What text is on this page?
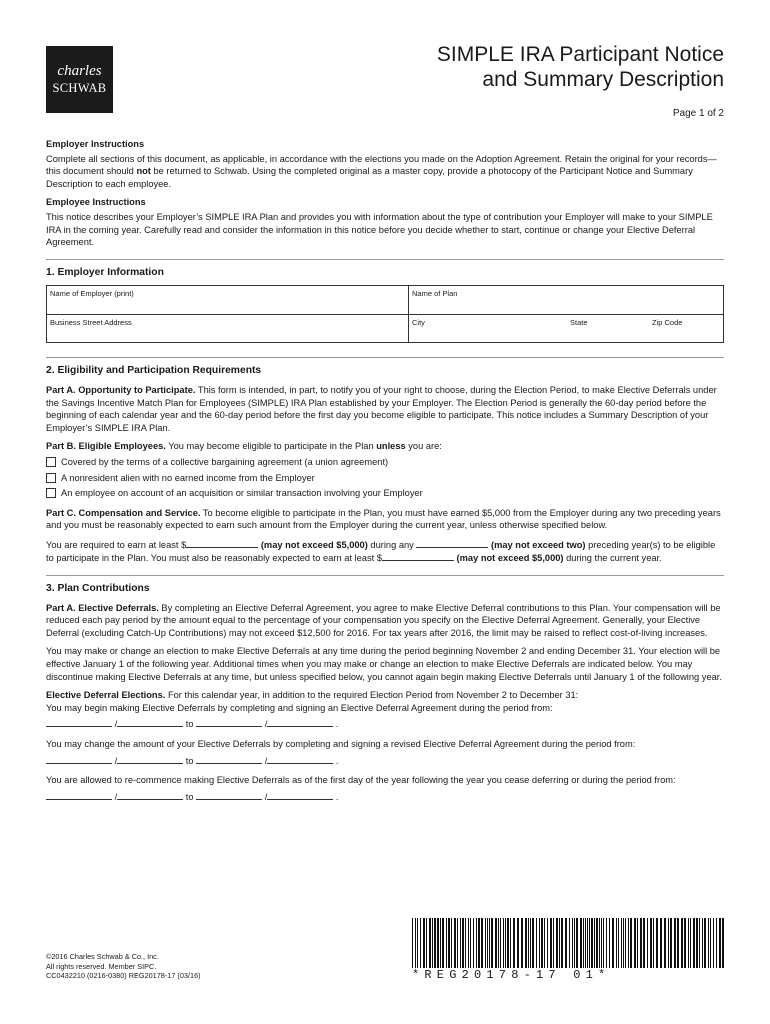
charles
SCHWAB
SIMPLE IRA Participant Notice
and Summary Description
Page 1 of 2
Employer Instructions

Complete all sections of this document, as applicable, in accordance with the elections you made on the Adoption Agreement. Retain the original for your records—this document should not be returned to Schwab. Using the completed original as a master copy, provide a photocopy of the Participant Notice and Summary Description to each employee.

Employee Instructions

This notice describes your Employer’s SIMPLE IRA Plan and provides you with information about the type of contribution your Employer will make to your SIMPLE IRA in the coming year. Carefully read and consider the information in this notice before you decide whether to start, continue or change your Elective Deferral Agreement.

1. Employer Information
Name of Employer (print)	Name of Plan
Business Street Address	City	State	Zip Code
2. Eligibility and Participation Requirements

Part A. Opportunity to Participate. This form is intended, in part, to notify you of your right to choose, during the Election Period, to make Elective Deferrals under the Savings Incentive Match Plan for Employees (SIMPLE) IRA Plan established by your Employer. The Election Period is generally the 60-day period before the beginning of each calendar year and the 60-day period before the first day you become eligible to participate. This notice includes a Summary Description of your Employer’s SIMPLE IRA Plan.

Part B. Eligible Employees. You may become eligible to participate in the Plan unless you are:

Covered by the terms of a collective bargaining agreement (a union agreement)
A nonresident alien with no earned income from the Employer
An employee on account of an acquisition or similar transaction involving your Employer

Part C. Compensation and Service. To become eligible to participate in the Plan, you must have earned $5,000 from the Employer during any two preceding years and you must be reasonably expected to earn such amount from the Employer during the current year, unless otherwise specified below.

You are required to earn at least $	(may not exceed $5,000) during any	(may not exceed two) preceding year(s) to be eligible to participate in the Plan. You must also be reasonably expected to earn at least $	(may not exceed $5,000) during the current year.

3. Plan Contributions

Part A. Elective Deferrals. By completing an Elective Deferral Agreement, you agree to make Elective Deferral contributions to this Plan. Your compensation will be reduced each pay period by the amount equal to the percentage of your compensation you specify on the Elective Deferral Agreement. Generally, your Elective Deferral (excluding Catch-Up Contributions) may not exceed $12,500 for 2016. For tax years after 2016, the limit may be raised to reflect cost-of-living increases.

You may make or change an election to make Elective Deferrals at any time during the period beginning November 2 and ending December 31. Your election will be effective January 1 of the following year. Additional times when you may make or change an election to make Elective Deferrals are indicated below. You may discontinue making Elective Deferrals at any time, but unless specified below, you cannot again begin making Elective Deferrals until January 1 of the following year.

Elective Deferral Elections. For this calendar year, in addition to the required Election Period from November 2 to December 31:

You may begin making Elective Deferrals by completing and signing an Elective Deferral Agreement during the period from:

/	to	/	.

You may change the amount of your Elective Deferrals by completing and signing a revised Elective Deferral Agreement during the period from:

/	to	/	.

You are allowed to re-commence making Elective Deferrals as of the first day of the year following the year you cease deferring or during the period from:

/	to	/	.
©2016 Charles Schwab & Co., Inc.
All rights reserved. Member SIPC.
CC0432210 (0216-0380) REG20178-17 (03/16)	*REG20178-17 01*
